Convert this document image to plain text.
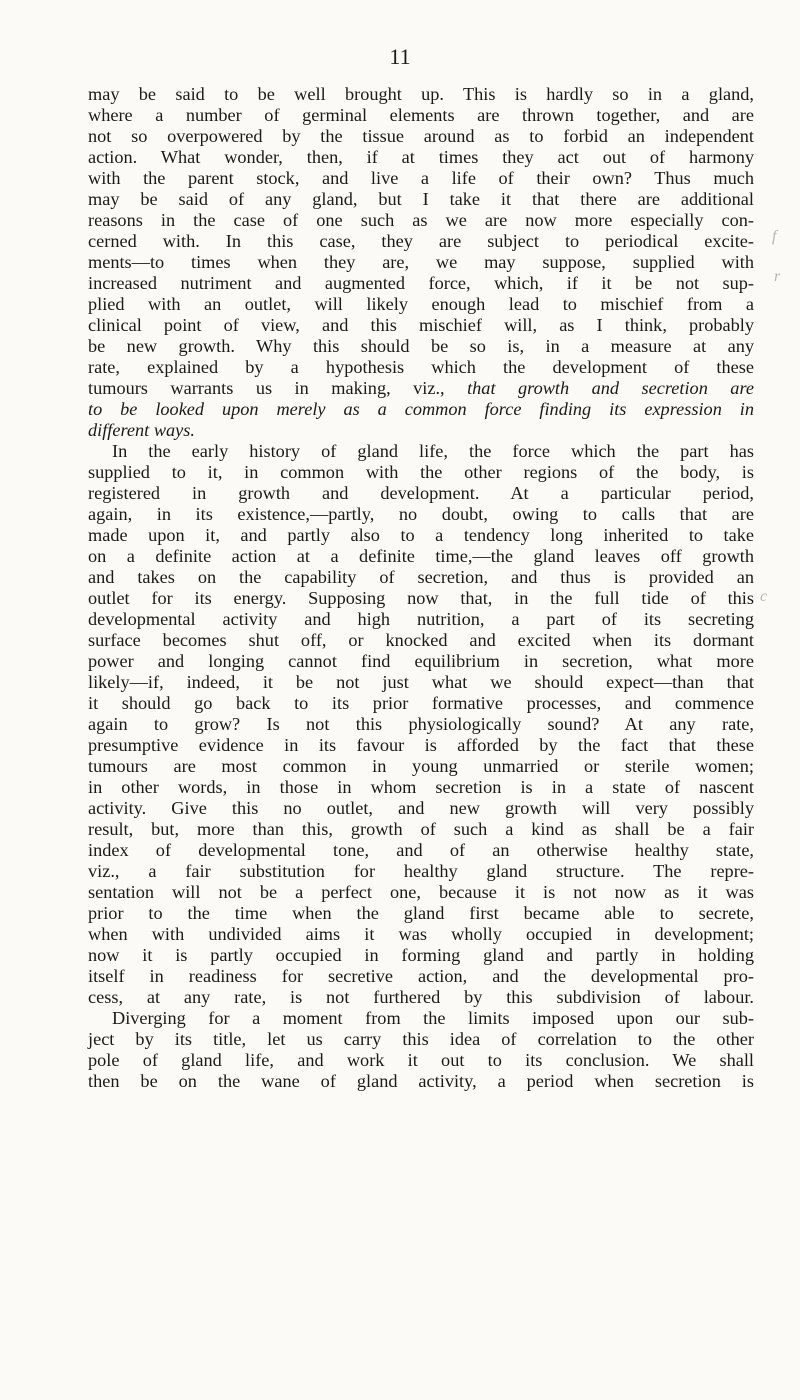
11
may be said to be well brought up. This is hardly so in a gland,
where a number of germinal elements are thrown together, and are
not so overpowered by the tissue around as to forbid an independent
action. What wonder, then, if at times they act out of harmony
with the parent stock, and live a life of their own? Thus much
may be said of any gland, but I take it that there are additional
reasons in the case of one such as we are now more especially con-
cerned with. In this case, they are subject to periodical excite-
ments—to times when they are, we may suppose, supplied with
increased nutriment and augmented force, which, if it be not sup-
plied with an outlet, will likely enough lead to mischief from a
clinical point of view, and this mischief will, as I think, probably
be new growth. Why this should be so is, in a measure at any
rate, explained by a hypothesis which the development of these
tumours warrants us in making, viz., that growth and secretion are
to be looked upon merely as a common force finding its expression in
different ways.
In the early history of gland life, the force which the part has
supplied to it, in common with the other regions of the body, is
registered in growth and development. At a particular period,
again, in its existence,—partly, no doubt, owing to calls that are
made upon it, and partly also to a tendency long inherited to take
on a definite action at a definite time,—the gland leaves off growth
and takes on the capability of secretion, and thus is provided an
outlet for its energy. Supposing now that, in the full tide of this
developmental activity and high nutrition, a part of its secreting
surface becomes shut off, or knocked and excited when its dormant
power and longing cannot find equilibrium in secretion, what more
likely—if, indeed, it be not just what we should expect—than that
it should go back to its prior formative processes, and commence
again to grow? Is not this physiologically sound? At any rate,
presumptive evidence in its favour is afforded by the fact that these
tumours are most common in young unmarried or sterile women;
in other words, in those in whom secretion is in a state of nascent
activity. Give this no outlet, and new growth will very possibly
result, but, more than this, growth of such a kind as shall be a fair
index of developmental tone, and of an otherwise healthy state,
viz., a fair substitution for healthy gland structure. The repre-
sentation will not be a perfect one, because it is not now as it was
prior to the time when the gland first became able to secrete,
when with undivided aims it was wholly occupied in development;
now it is partly occupied in forming gland and partly in holding
itself in readiness for secretive action, and the developmental pro-
cess, at any rate, is not furthered by this subdivision of labour.
Diverging for a moment from the limits imposed upon our sub-
ject by its title, let us carry this idea of correlation to the other
pole of gland life, and work it out to its conclusion. We shall
then be on the wane of gland activity, a period when secretion is
f
r
c
